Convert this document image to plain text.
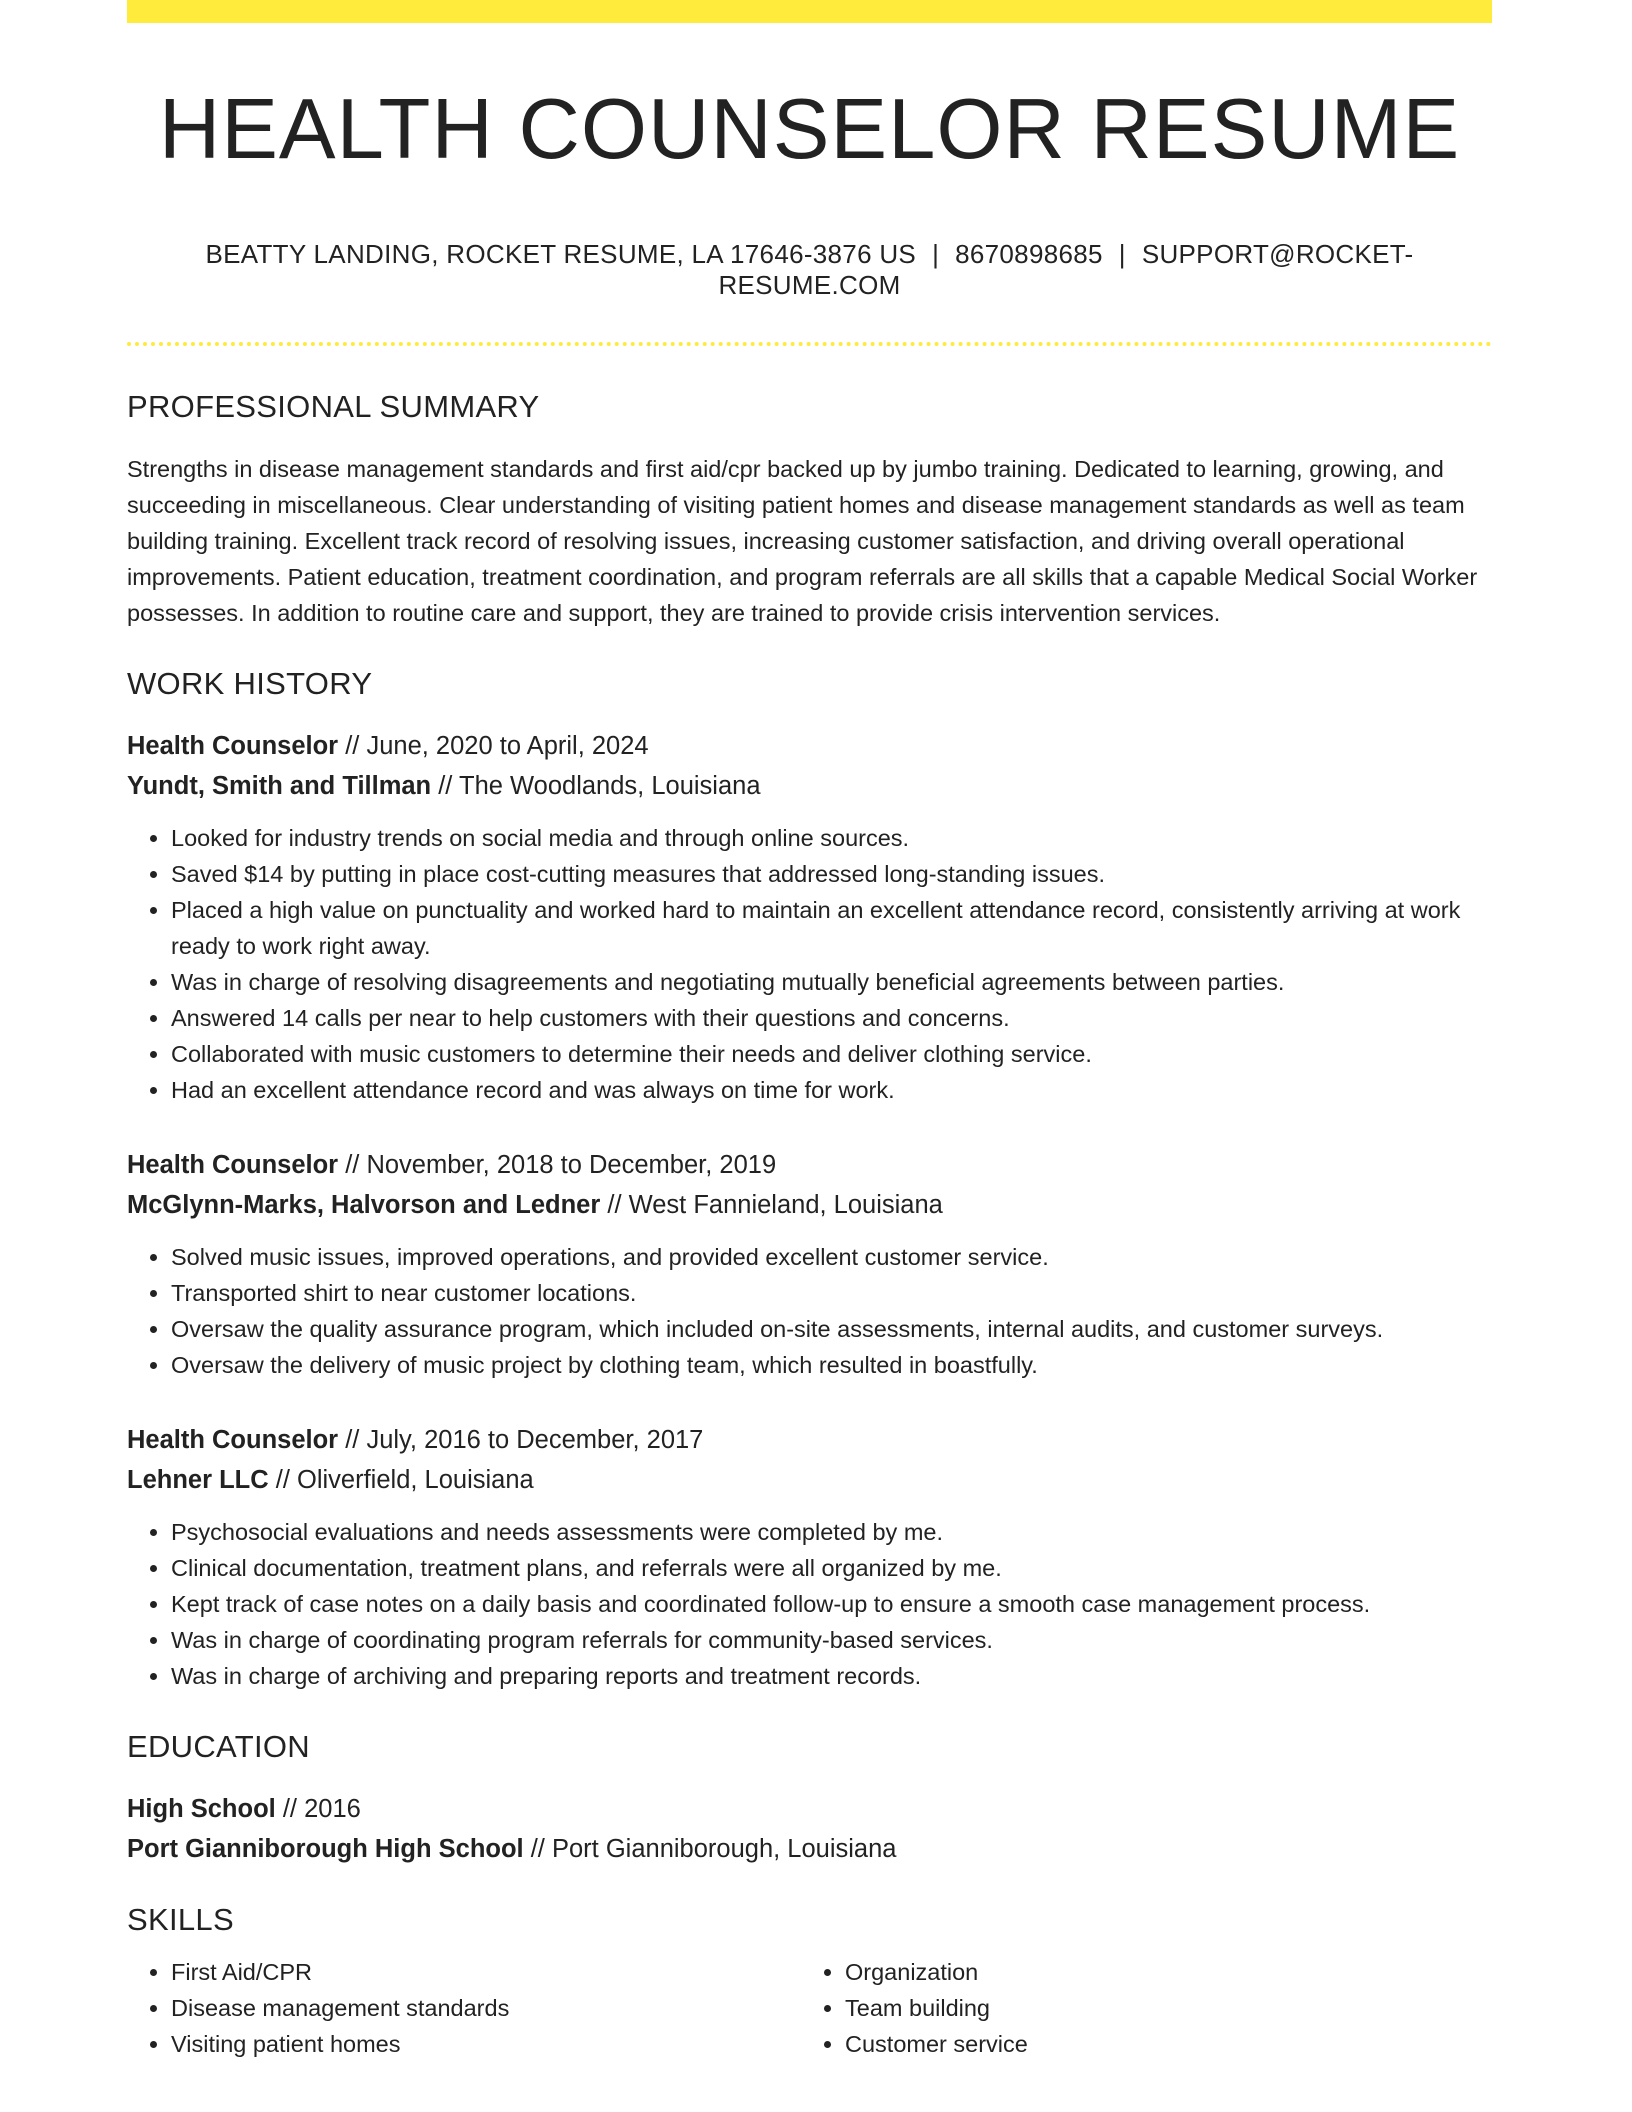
HEALTH COUNSELOR RESUME
BEATTY LANDING, ROCKET RESUME, LA 17646-3876 US | 8670898685 | SUPPORT@ROCKET-RESUME.COM
PROFESSIONAL SUMMARY

Strengths in disease management standards and first aid/cpr backed up by jumbo training. Dedicated to learning, growing, and succeeding in miscellaneous. Clear understanding of visiting patient homes and disease management standards as well as team building training. Excellent track record of resolving issues, increasing customer satisfaction, and driving overall operational improvements. Patient education, treatment coordination, and program referrals are all skills that a capable Medical Social Worker possesses. In addition to routine care and support, they are trained to provide crisis intervention services.

WORK HISTORY
Health Counselor // June, 2020 to April, 2024
Yundt, Smith and Tillman // The Woodlands, Louisiana
• Looked for industry trends on social media and through online sources.
• Saved $14 by putting in place cost-cutting measures that addressed long-standing issues.
• Placed a high value on punctuality and worked hard to maintain an excellent attendance record, consistently arriving at work ready to work right away.
• Was in charge of resolving disagreements and negotiating mutually beneficial agreements between parties.
• Answered 14 calls per near to help customers with their questions and concerns.
• Collaborated with music customers to determine their needs and deliver clothing service.
• Had an excellent attendance record and was always on time for work.
Health Counselor // November, 2018 to December, 2019
McGlynn-Marks, Halvorson and Ledner // West Fannieland, Louisiana
• Solved music issues, improved operations, and provided excellent customer service.
• Transported shirt to near customer locations.
• Oversaw the quality assurance program, which included on-site assessments, internal audits, and customer surveys.
• Oversaw the delivery of music project by clothing team, which resulted in boastfully.
Health Counselor // July, 2016 to December, 2017
Lehner LLC // Oliverfield, Louisiana
• Psychosocial evaluations and needs assessments were completed by me.
• Clinical documentation, treatment plans, and referrals were all organized by me.
• Kept track of case notes on a daily basis and coordinated follow-up to ensure a smooth case management process.
• Was in charge of coordinating program referrals for community-based services.
• Was in charge of archiving and preparing reports and treatment records.
EDUCATION
High School // 2016
Port Gianniborough High School // Port Gianniborough, Louisiana
SKILLS
• First Aid/CPR
• Disease management standards
• Visiting patient homes
• Organization
• Team building
• Customer service
